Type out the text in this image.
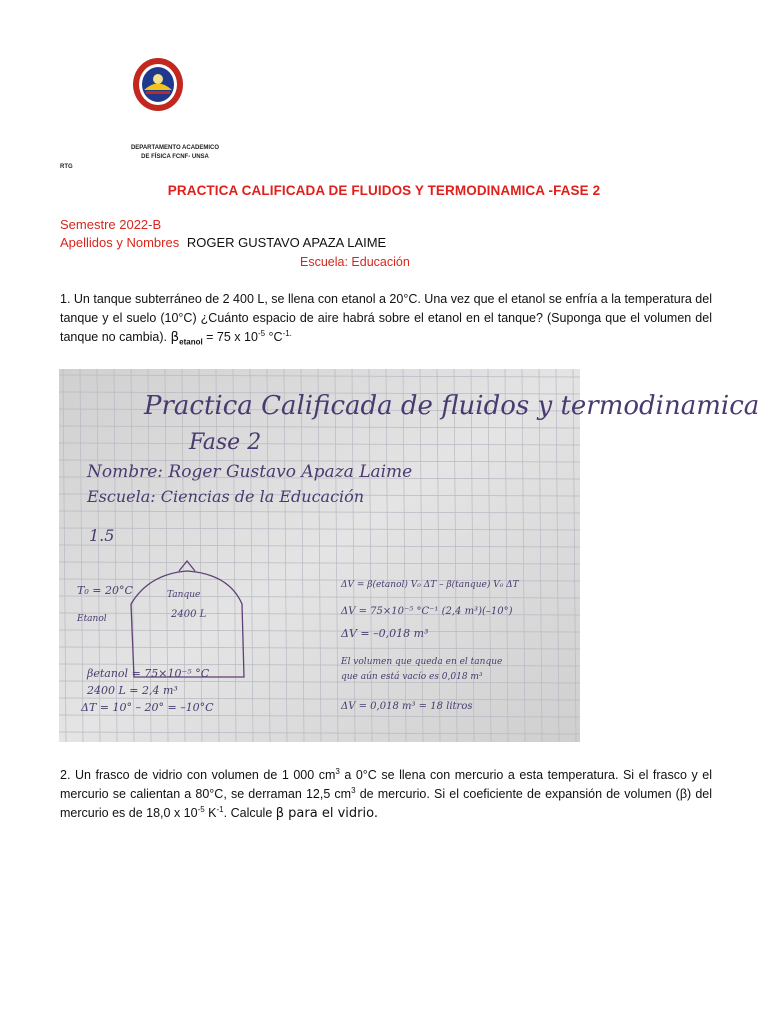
DEPARTAMENTO ACADEMICO
DE FÍSICA FCNF- UNSA
RTG
PRACTICA CALIFICADA DE FLUIDOS Y TERMODINAMICA -FASE 2
Semestre 2022-B
Apellidos y Nombres ROGER GUSTAVO APAZA LAIME
Escuela: Educación
1. Un tanque subterráneo de 2 400 L, se llena con etanol a 20°C. Una vez que el etanol se enfría a la temperatura del tanque y el suelo (10°C) ¿Cuánto espacio de aire habrá sobre el etanol en el tanque? (Suponga que el volumen del tanque no cambia). $\beta_{etanol} = 75$ x $10^{-5}$ $^\circ C^{-1.}$
Practica Calificada de fluidos y termodinamica
Fase 2
Nombre: Roger Gustavo Apaza Laime
Escuela: Ciencias de la Educación
1.5
T₀ = 20°C	Tanque
2400 L
Etanol
βetanol = 75×10⁻⁵ °C
2400 L = 2,4 m³
ΔT = 10° – 20° = –10°C
ΔV = β(etanol) V₀ ΔT – β(tanque) V₀ ΔT
ΔV = 75×10⁻⁵ °C⁻¹ (2,4 m³)(–10°)
ΔV = –0,018 m³
El volumen que queda en el tanque
que aún está vacío es 0,018 m³
ΔV = 0,018 m³ = 18 litros
2. Un frasco de vidrio con volumen de 1 000 $cm^3$ a 0°C se llena con mercurio a esta temperatura. Si el frasco y el mercurio se calientan a 80°C, se derraman 12,5 $cm^3$ de mercurio. Si el coeficiente de expansión de volumen (β) del mercurio es de 18,0 x $10^{-5}$ $K^{-1}$. Calcule β para el vidrio.
